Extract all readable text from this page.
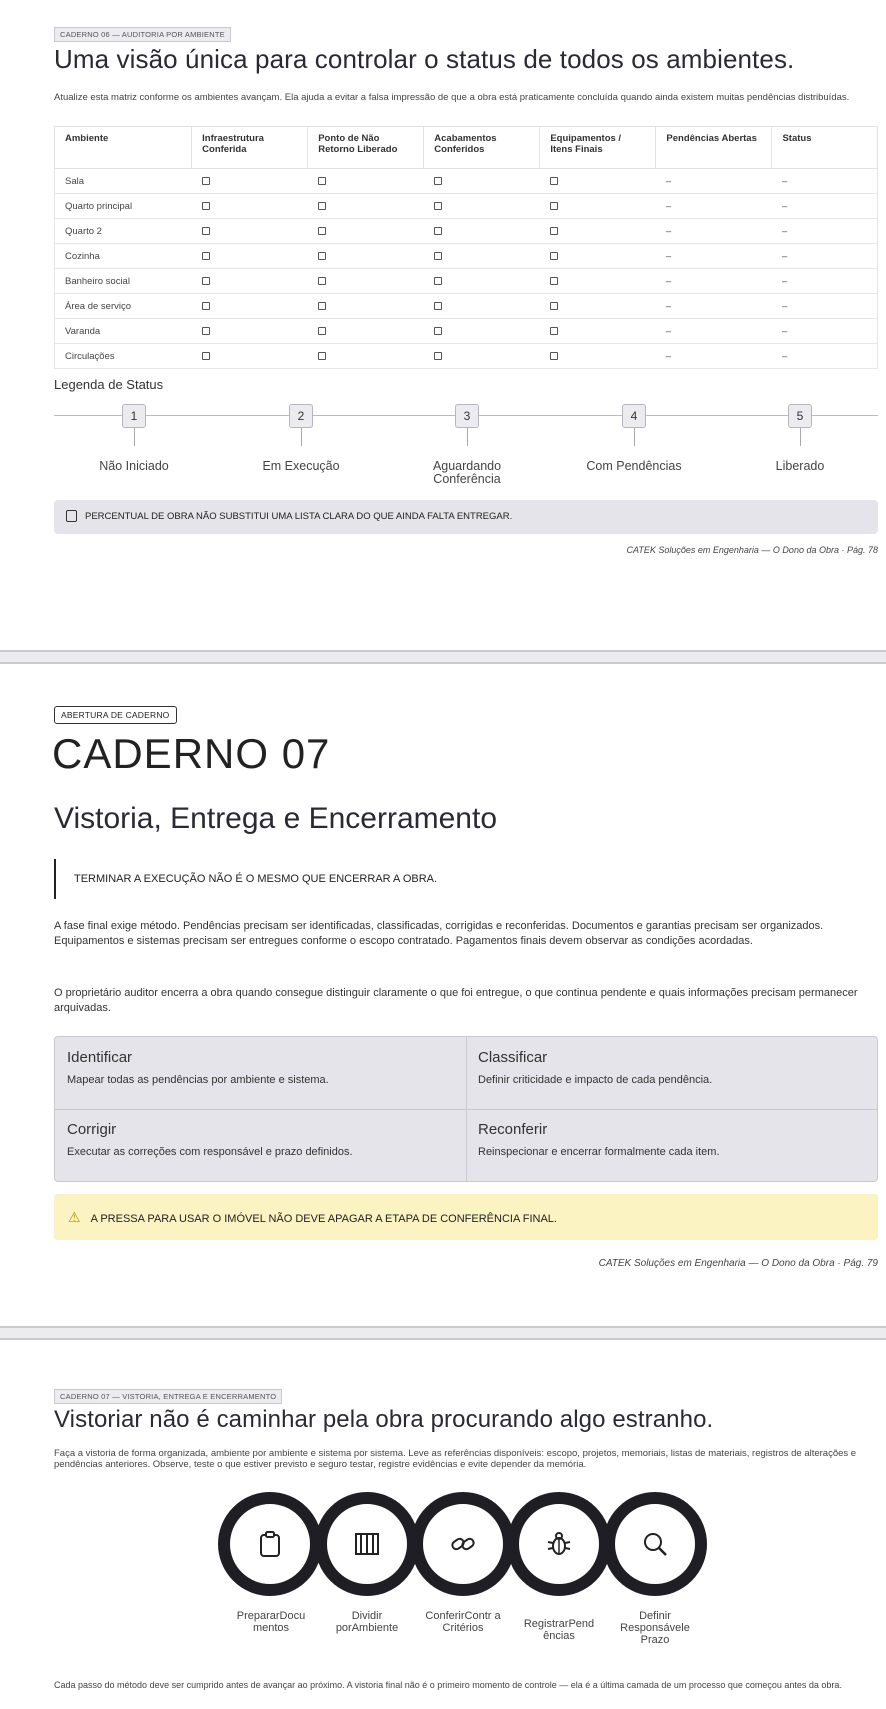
CADERNO 06 — AUDITORIA POR AMBIENTE
Uma visão única para controlar o status de todos os ambientes.
Atualize esta matriz conforme os ambientes avançam. Ela ajuda a evitar a falsa impressão de que a obra está praticamente concluída quando ainda existem muitas pendências distribuídas.
Ambiente	Infraestrutura Conferida	Ponto de Não Retorno Liberado	Acabamentos Conferidos	Equipamentos / Itens Finais	Pendências Abertas	Status
Sala					–	–
Quarto principal					–	–
Quarto 2					–	–
Cozinha					–	–
Banheiro social					–	–
Área de serviço					–	–
Varanda					–	–
Circulações					–	–
Legenda de Status
1
Não Iniciado
2
Em Execução
3
Aguardando Conferência
4
Com Pendências
5
Liberado
PERCENTUAL DE OBRA NÃO SUBSTITUI UMA LISTA CLARA DO QUE AINDA FALTA ENTREGAR.
CATEK Soluções em Engenharia — O Dono da Obra · Pág. 78
ABERTURA DE CADERNO
CADERNO 07
Vistoria, Entrega e Encerramento
TERMINAR A EXECUÇÃO NÃO É O MESMO QUE ENCERRAR A OBRA.
A fase final exige método. Pendências precisam ser identificadas, classificadas, corrigidas e reconferidas. Documentos e garantias precisam ser organizados. Equipamentos e sistemas precisam ser entregues conforme o escopo contratado. Pagamentos finais devem observar as condições acordadas.
O proprietário auditor encerra a obra quando consegue distinguir claramente o que foi entregue, o que continua pendente e quais informações precisam permanecer arquivadas.
Identificar
Mapear todas as pendências por ambiente e sistema.
Classificar
Definir criticidade e impacto de cada pendência.
Corrigir
Executar as correções com responsável e prazo definidos.
Reconferir
Reinspecionar e encerrar formalmente cada item.
⚠ A PRESSA PARA USAR O IMÓVEL NÃO DEVE APAGAR A ETAPA DE CONFERÊNCIA FINAL.
CATEK Soluções em Engenharia — O Dono da Obra · Pág. 79
CADERNO 07 — VISTORIA, ENTREGA E ENCERRAMENTO
Vistoriar não é caminhar pela obra procurando algo estranho.
Faça a vistoria de forma organizada, ambiente por ambiente e sistema por sistema. Leve as referências disponíveis: escopo, projetos, memoriais, listas de materiais, registros de alterações e pendências anteriores. Observe, teste o que estiver previsto e seguro testar, registre evidências e evite depender da memória.
PrepararDocu mentos
Dividir porAmbiente
ConferirContr a Critérios	RegistrarPend ências
Definir Responsávele Prazo
Cada passo do método deve ser cumprido antes de avançar ao próximo. A vistoria final não é o primeiro momento de controle — ela é a última camada de um processo que começou antes da obra.
